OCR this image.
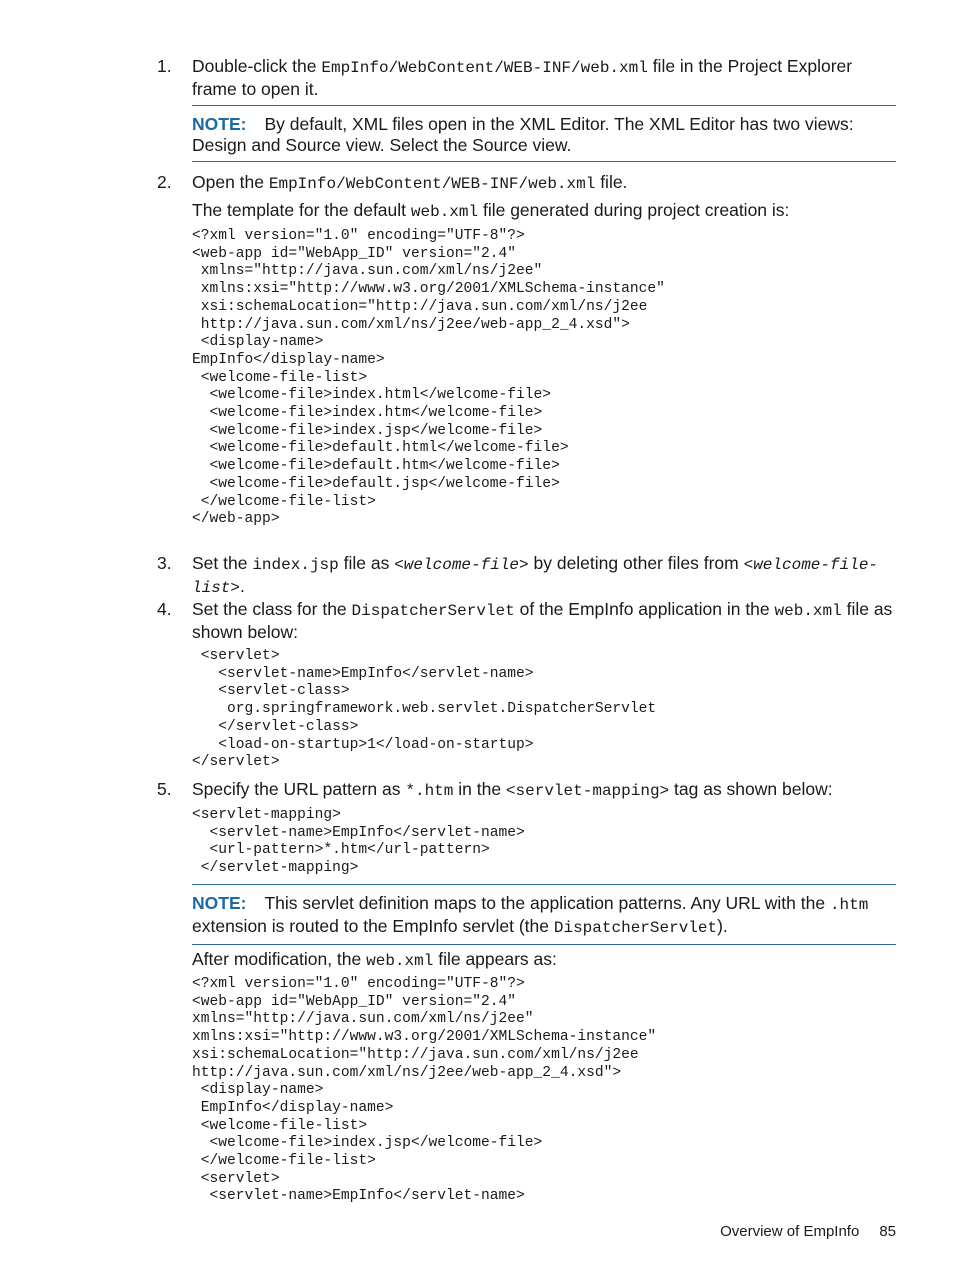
1. Double-click the EmpInfo/WebContent/WEB-INF/web.xml file in the Project Explorer frame to open it.
NOTE: By default, XML files open in the XML Editor. The XML Editor has two views: Design and Source view. Select the Source view.
2. Open the EmpInfo/WebContent/WEB-INF/web.xml file.
The template for the default web.xml file generated during project creation is:
<?xml version="1.0" encoding="UTF-8"?>
<web-app id="WebApp_ID" version="2.4"
xmlns="http://java.sun.com/xml/ns/j2ee"
xmlns:xsi="http://www.w3.org/2001/XMLSchema-instance"
xsi:schemaLocation="http://java.sun.com/xml/ns/j2ee
http://java.sun.com/xml/ns/j2ee/web-app_2_4.xsd">
<display-name>
EmpInfo</display-name>
<welcome-file-list>
<welcome-file>index.html</welcome-file>
<welcome-file>index.htm</welcome-file>
<welcome-file>index.jsp</welcome-file>
<welcome-file>default.html</welcome-file>
<welcome-file>default.htm</welcome-file>
<welcome-file>default.jsp</welcome-file>
</welcome-file-list>
</web-app>
3. Set the index.jsp file as <welcome-file> by deleting other files from <welcome-file-list>.
4. Set the class for the DispatcherServlet of the EmpInfo application in the web.xml file as shown below:
<servlet>
<servlet-name>EmpInfo</servlet-name>
<servlet-class>
org.springframework.web.servlet.DispatcherServlet
</servlet-class>
<load-on-startup>1</load-on-startup>
</servlet>
5. Specify the URL pattern as *.htm in the <servlet-mapping> tag as shown below:
<servlet-mapping>
<servlet-name>EmpInfo</servlet-name>
<url-pattern>*.htm</url-pattern>
</servlet-mapping>
NOTE: This servlet definition maps to the application patterns. Any URL with the .htm extension is routed to the EmpInfo servlet (the DispatcherServlet).
After modification, the web.xml file appears as:
<?xml version="1.0" encoding="UTF-8"?>
<web-app id="WebApp_ID" version="2.4"
xmlns="http://java.sun.com/xml/ns/j2ee"
xmlns:xsi="http://www.w3.org/2001/XMLSchema-instance"
xsi:schemaLocation="http://java.sun.com/xml/ns/j2ee
http://java.sun.com/xml/ns/j2ee/web-app_2_4.xsd">
<display-name>
EmpInfo</display-name>
<welcome-file-list>
<welcome-file>index.jsp</welcome-file>
</welcome-file-list>
<servlet>
<servlet-name>EmpInfo</servlet-name>
Overview of EmpInfo 85
